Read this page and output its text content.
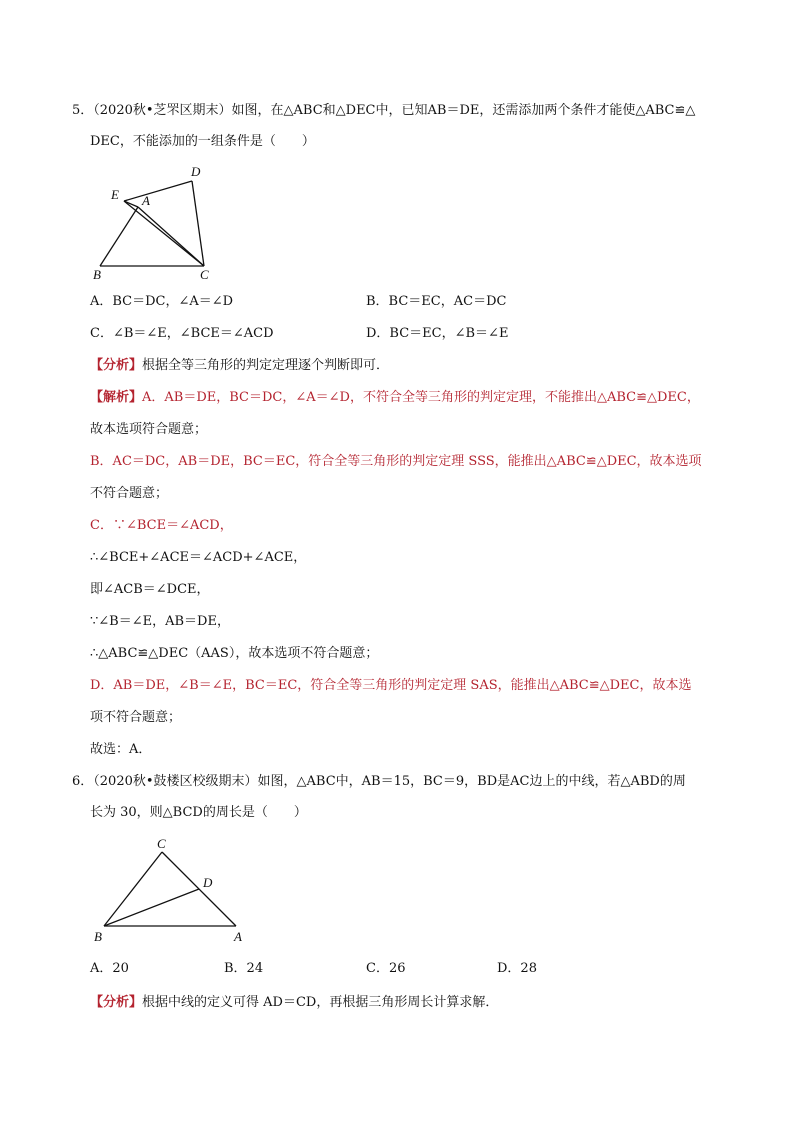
5．（2020秋•芝罘区期末）如图，在△ABC和△DEC中，已知AB＝DE，还需添加两个条件才能使△ABC≌△
DEC，不能添加的一组条件是（　　）
D
E A
B	C
A．BC＝DC，∠A＝∠D	B．BC＝EC，AC＝DC
C．∠B＝∠E，∠BCE＝∠ACD	D．BC＝EC，∠B＝∠E
【分析】根据全等三角形的判定定理逐个判断即可．
【解析】A．AB＝DE，BC＝DC，∠A＝∠D，不符合全等三角形的判定定理，不能推出△ABC≌△DEC，
故本选项符合题意；
B．AC＝DC，AB＝DE，BC＝EC，符合全等三角形的判定定理 SSS，能推出△ABC≌△DEC，故本选项
不符合题意；
C．∵∠BCE＝∠ACD，
∴∠BCE+∠ACE＝∠ACD+∠ACE，
即∠ACB＝∠DCE，
∵∠B＝∠E，AB＝DE，
∴△ABC≌△DEC（AAS），故本选项不符合题意；
D．AB＝DE，∠B＝∠E，BC＝EC，符合全等三角形的判定定理 SAS，能推出△ABC≌△DEC，故本选
项不符合题意；
故选：A．
6．（2020秋•鼓楼区校级期末）如图，△ABC中，AB＝15，BC＝9，BD是AC边上的中线，若△ABD的周
长为 30，则△BCD的周长是（　　）
C
D
B	A
A．20	B．24	C．26	D．28
【分析】根据中线的定义可得 AD＝CD，再根据三角形周长计算求解．
